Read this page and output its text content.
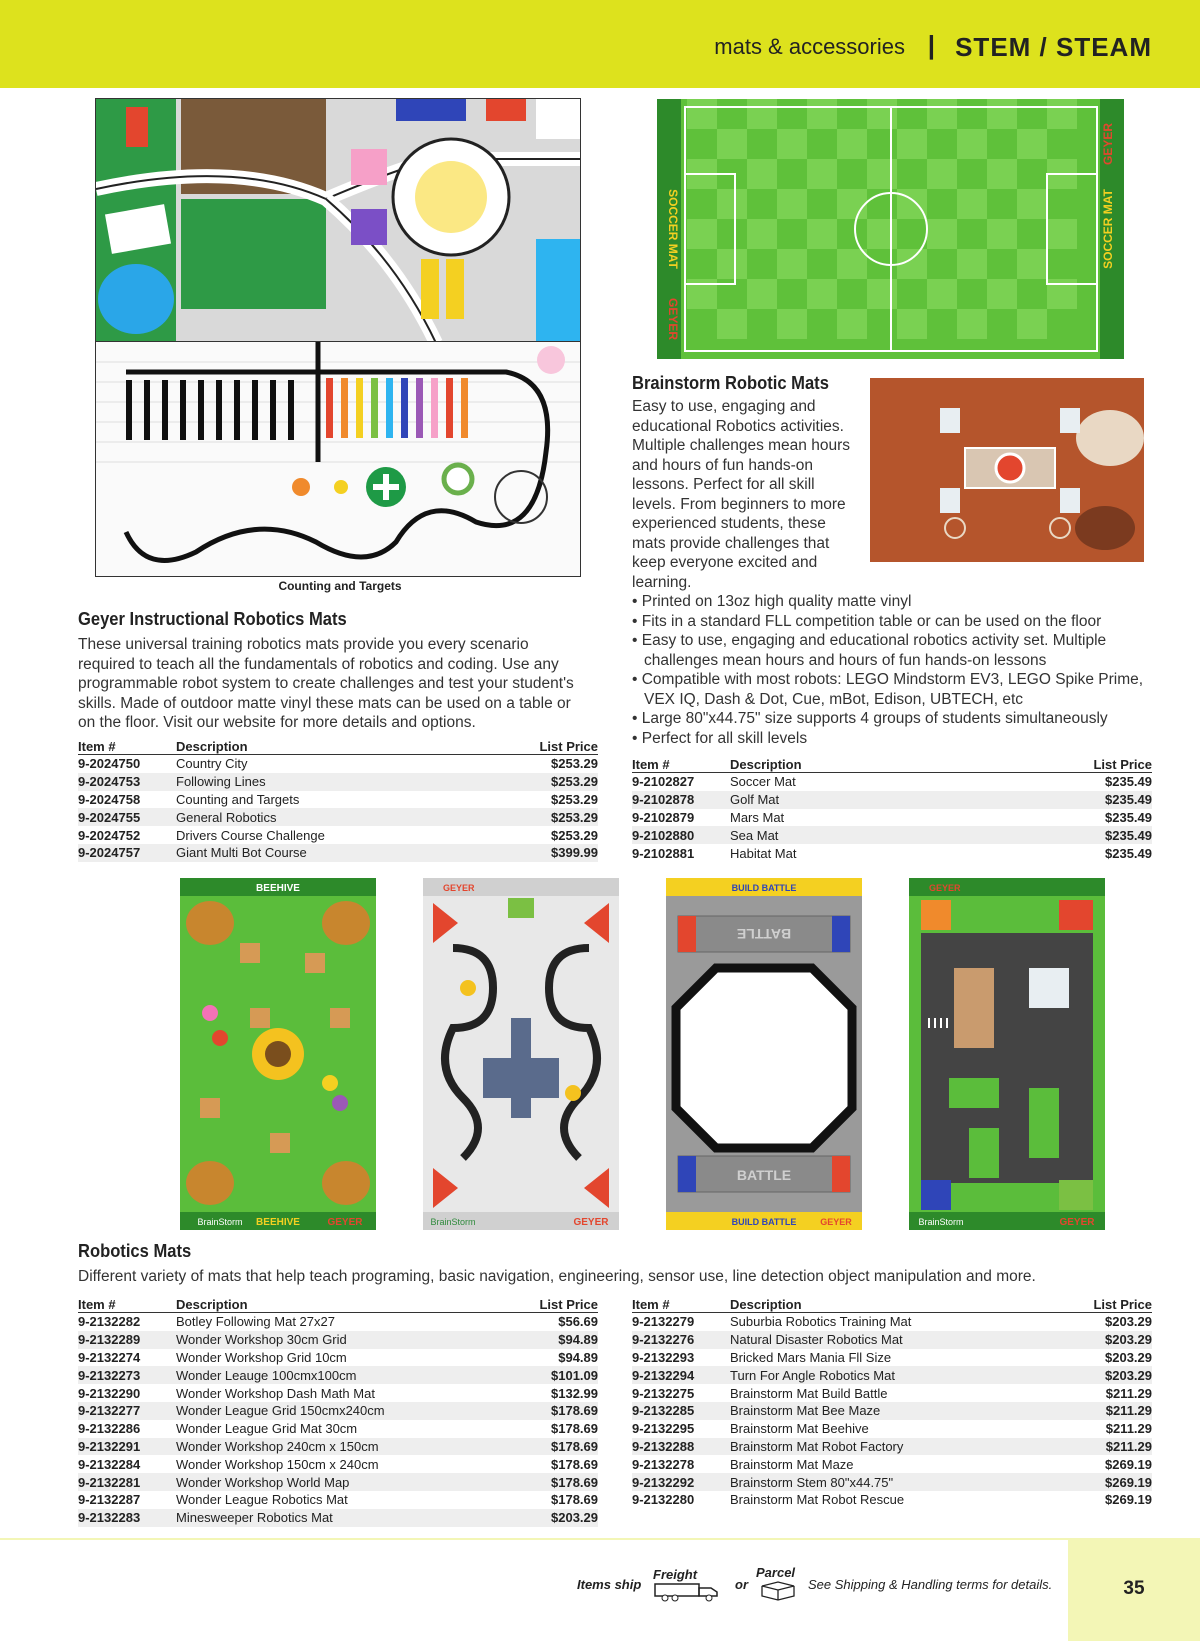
mats & accessories | STEM / STEAM
Counting and Targets
Geyer Instructional Robotics Mats
These universal training robotics mats provide you every scenario required to teach all the fundamentals of robotics and coding. Use any programmable robot system to create challenges and test your student's skills. Made of outdoor matte vinyl these mats can be used on a table or on the floor. Visit our website for more details and options.
Item #	Description	List Price
9-2024750	Country City	$253.29
9-2024753	Following Lines	$253.29
9-2024758	Counting and Targets	$253.29
9-2024755	General Robotics	$253.29
9-2024752	Drivers Course Challenge	$253.29
9-2024757	Giant Multi Bot Course	$399.99
SOCCER MAT	SOCCER MAT
GEYER
GEYER
Brainstorm Robotic Mats
Easy to use, engaging and educational Robotics activities. Multiple challenges mean hours and hours of fun hands-on lessons. Perfect for all skill levels. From beginners to more experienced students, these mats provide challenges that keep everyone excited and learning.
• Printed on 13oz high quality matte vinyl
• Fits in a standard FLL competition table or can be used on the floor
• Easy to use, engaging and educational robotics activity set. Multiple challenges mean hours and hours of fun hands-on lessons
• Compatible with most robots: LEGO Mindstorm EV3, LEGO Spike Prime, VEX IQ, Dash & Dot, Cue, mBot, Edison, UBTECH, etc
• Large 80"x44.75" size supports 4 groups of students simultaneously
• Perfect for all skill levels
Item #	Description	List Price
9-2102827	Soccer Mat	$235.49
9-2102878	Golf Mat	$235.49
9-2102879	Mars Mat	$235.49
9-2102880	Sea Mat	$235.49
9-2102881	Habitat Mat	$235.49
BEEHIVE
BrainStorm BEEHIVE	GEYER
GEYER
BrainStorm	GEYER
BATTLE
BATTLE
BUILD BATTLE
BUILD BATTLE	GEYER
GEYER
BrainStorm	GEYER
Robotics Mats
Different variety of mats that help teach programing, basic navigation, engineering, sensor use, line detection object manipulation and more.
Item #	Description	List Price
9-2132282	Botley Following Mat 27x27	$56.69
9-2132289	Wonder Workshop 30cm Grid	$94.89
9-2132274	Wonder Workshop Grid 10cm	$94.89
9-2132273	Wonder Leauge 100cmx100cm	$101.09
9-2132290	Wonder Workshop Dash Math Mat	$132.99
9-2132277	Wonder League Grid 150cmx240cm	$178.69
9-2132286	Wonder League Grid Mat 30cm	$178.69
9-2132291	Wonder Workshop 240cm x 150cm	$178.69
9-2132284	Wonder Workshop 150cm x 240cm	$178.69
9-2132281	Wonder Workshop World Map	$178.69
9-2132287	Wonder League Robotics Mat	$178.69
9-2132283	Minesweeper Robotics Mat	$203.29
Item #	Description	List Price
9-2132279	Suburbia Robotics Training Mat	$203.29
9-2132276	Natural Disaster Robotics Mat	$203.29
9-2132293	Bricked Mars Mania Fll Size	$203.29
9-2132294	Turn For Angle Robotics Mat	$203.29
9-2132275	Brainstorm Mat Build Battle	$211.29
9-2132285	Brainstorm Mat Bee Maze	$211.29
9-2132295	Brainstorm Mat Beehive	$211.29
9-2132288	Brainstorm Mat Robot Factory	$211.29
9-2132278	Brainstorm Mat Maze	$269.19
9-2132292	Brainstorm Stem 80"x44.75"	$269.19
9-2132280	Brainstorm Mat Robot Rescue	$269.19
35
Items ship
Freight
or
Parcel
See Shipping & Handling terms for details.
